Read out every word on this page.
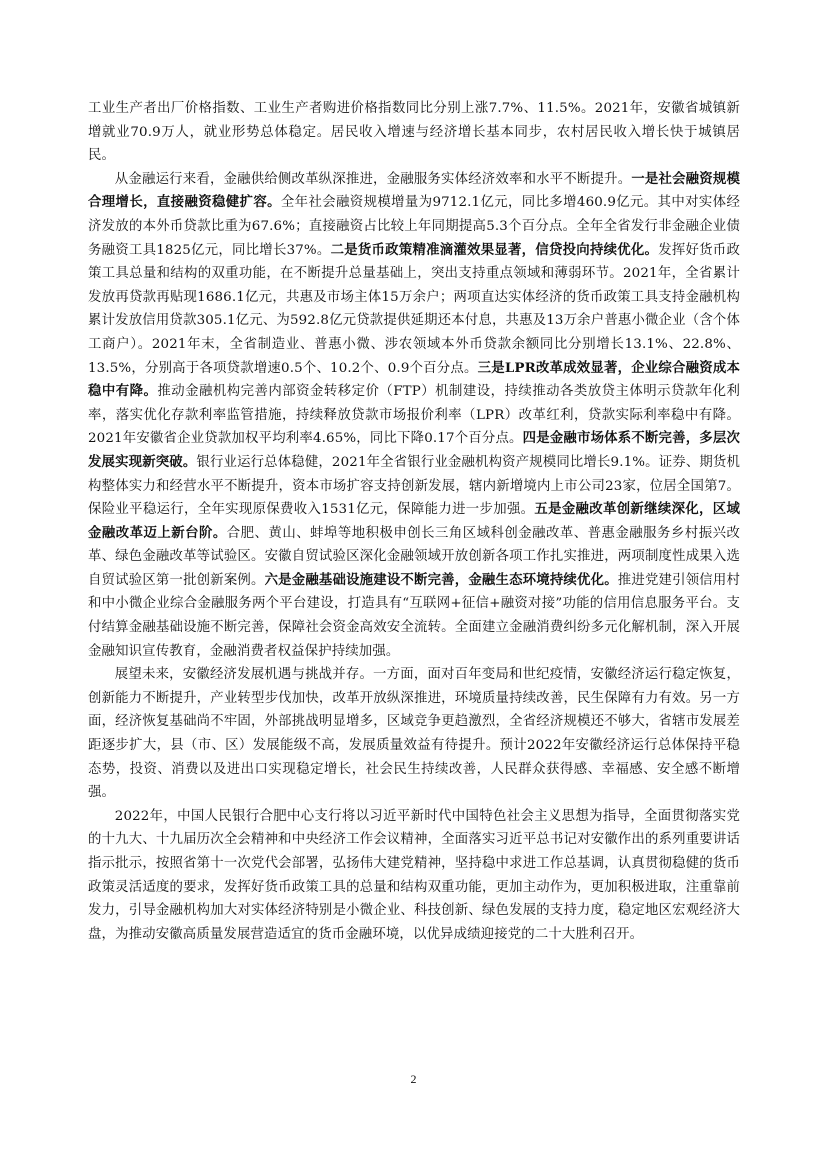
工业生产者出厂价格指数、工业生产者购进价格指数同比分别上涨7.7%、11.5%。2021年，安徽省城镇新增就业70.9万人，就业形势总体稳定。居民收入增速与经济增长基本同步，农村居民收入增长快于城镇居民。

从金融运行来看，金融供给侧改革纵深推进，金融服务实体经济效率和水平不断提升。一是社会融资规模合理增长，直接融资稳健扩容。全年社会融资规模增量为9712.1亿元，同比多增460.9亿元。其中对实体经济发放的本外币贷款比重为67.6%；直接融资占比较上年同期提高5.3个百分点。全年全省发行非金融企业债务融资工具1825亿元，同比增长37%。二是货币政策精准滴灌效果显著，信贷投向持续优化。发挥好货币政策工具总量和结构的双重功能，在不断提升总量基础上，突出支持重点领域和薄弱环节。2021年，全省累计发放再贷款再贴现1686.1亿元，共惠及市场主体15万余户；两项直达实体经济的货币政策工具支持金融机构累计发放信用贷款305.1亿元、为592.8亿元贷款提供延期还本付息，共惠及13万余户普惠小微企业（含个体工商户）。2021年末，全省制造业、普惠小微、涉农领域本外币贷款余额同比分别增长13.1%、22.8%、13.5%，分别高于各项贷款增速0.5个、10.2个、0.9个百分点。三是LPR改革成效显著，企业综合融资成本稳中有降。推动金融机构完善内部资金转移定价（FTP）机制建设，持续推动各类放贷主体明示贷款年化利率，落实优化存款利率监管措施，持续释放贷款市场报价利率（LPR）改革红利，贷款实际利率稳中有降。2021年安徽省企业贷款加权平均利率4.65%，同比下降0.17个百分点。四是金融市场体系不断完善，多层次发展实现新突破。银行业运行总体稳健，2021年全省银行业金融机构资产规模同比增长9.1%。证券、期货机构整体实力和经营水平不断提升，资本市场扩容支持创新发展，辖内新增境内上市公司23家，位居全国第7。保险业平稳运行，全年实现原保费收入1531亿元，保障能力进一步加强。五是金融改革创新继续深化，区域金融改革迈上新台阶。合肥、黄山、蚌埠等地积极申创长三角区域科创金融改革、普惠金融服务乡村振兴改革、绿色金融改革等试验区。安徽自贸试验区深化金融领域开放创新各项工作扎实推进，两项制度性成果入选自贸试验区第一批创新案例。六是金融基础设施建设不断完善，金融生态环境持续优化。推进党建引领信用村和中小微企业综合金融服务两个平台建设，打造具有“互联网+征信+融资对接”功能的信用信息服务平台。支付结算金融基础设施不断完善，保障社会资金高效安全流转。全面建立金融消费纠纷多元化解机制，深入开展金融知识宣传教育，金融消费者权益保护持续加强。

展望未来，安徽经济发展机遇与挑战并存。一方面，面对百年变局和世纪疫情，安徽经济运行稳定恢复，创新能力不断提升，产业转型步伐加快，改革开放纵深推进，环境质量持续改善，民生保障有力有效。另一方面，经济恢复基础尚不牢固，外部挑战明显增多，区域竞争更趋激烈，全省经济规模还不够大，省辖市发展差距逐步扩大，县（市、区）发展能级不高，发展质量效益有待提升。预计2022年安徽经济运行总体保持平稳态势，投资、消费以及进出口实现稳定增长，社会民生持续改善，人民群众获得感、幸福感、安全感不断增强。

2022年，中国人民银行合肥中心支行将以习近平新时代中国特色社会主义思想为指导，全面贯彻落实党的十九大、十九届历次全会精神和中央经济工作会议精神，全面落实习近平总书记对安徽作出的系列重要讲话指示批示，按照省第十一次党代会部署，弘扬伟大建党精神，坚持稳中求进工作总基调，认真贯彻稳健的货币政策灵活适度的要求，发挥好货币政策工具的总量和结构双重功能，更加主动作为，更加积极进取，注重靠前发力，引导金融机构加大对实体经济特别是小微企业、科技创新、绿色发展的支持力度，稳定地区宏观经济大盘，为推动安徽高质量发展营造适宜的货币金融环境，以优异成绩迎接党的二十大胜利召开。

2
